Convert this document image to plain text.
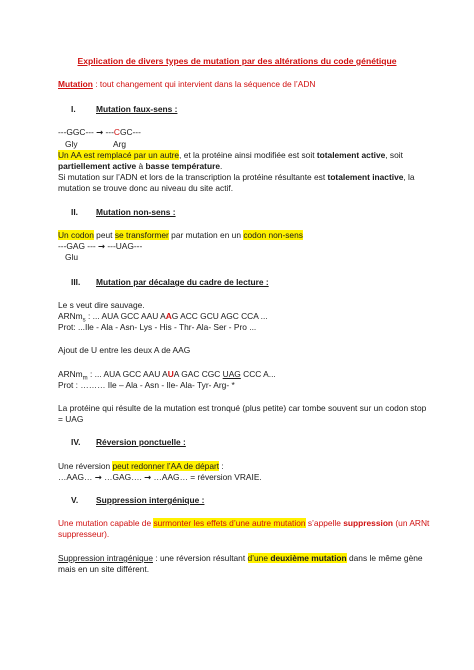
Explication de divers types de mutation par des altérations du code génétique
Mutation : tout changement qui intervient dans la séquence de l’ADN
I. Mutation faux-sens :
---GGC--- → ---CGC---
Gly	Arg
Un AA est remplacé par un autre, et la protéine ainsi modifiée est soit totalement active, soit
partiellement active à basse température.
Si mutation sur l’ADN et lors de la transcription la protéine résultante est totalement inactive, la
mutation se trouve donc au niveau du site actif.
II. Mutation non-sens :
Un codon peut se transformer par mutation en un codon non-sens
---GAG --- → ---UAG---
Glu
III. Mutation par décalage du cadre de lecture :
Le s veut dire sauvage.
ARNm$_s$ : ... AUA GCC AAU AAG ACC GCU AGC CCA ...
Prot: ...Ile - Ala - Asn- Lys - His - Thr- Ala- Ser - Pro ...
Ajout de U entre les deux A de AAG
ARNm$_m$ : ... AUA GCC AAU AUA GAC CGC UAG CCC A...
Prot : ……… Ile – Ala - Asn - Ile- Ala- Tyr- Arg- *
La protéine qui résulte de la mutation est tronqué (plus petite) car tombe souvent sur un codon stop
= UAG
IV. Réversion ponctuelle :
Une réversion peut redonner l’AA de départ :
…AAG… → …GAG…. → …AAG… = réversion VRAIE.
V. Suppression intergénique :
Une mutation capable de surmonter les effets d’une autre mutation s’appelle suppression (un ARNt
suppresseur).
Suppression intragénique : une réversion résultant d’une deuxième mutation dans le même gène
mais en un site différent.
